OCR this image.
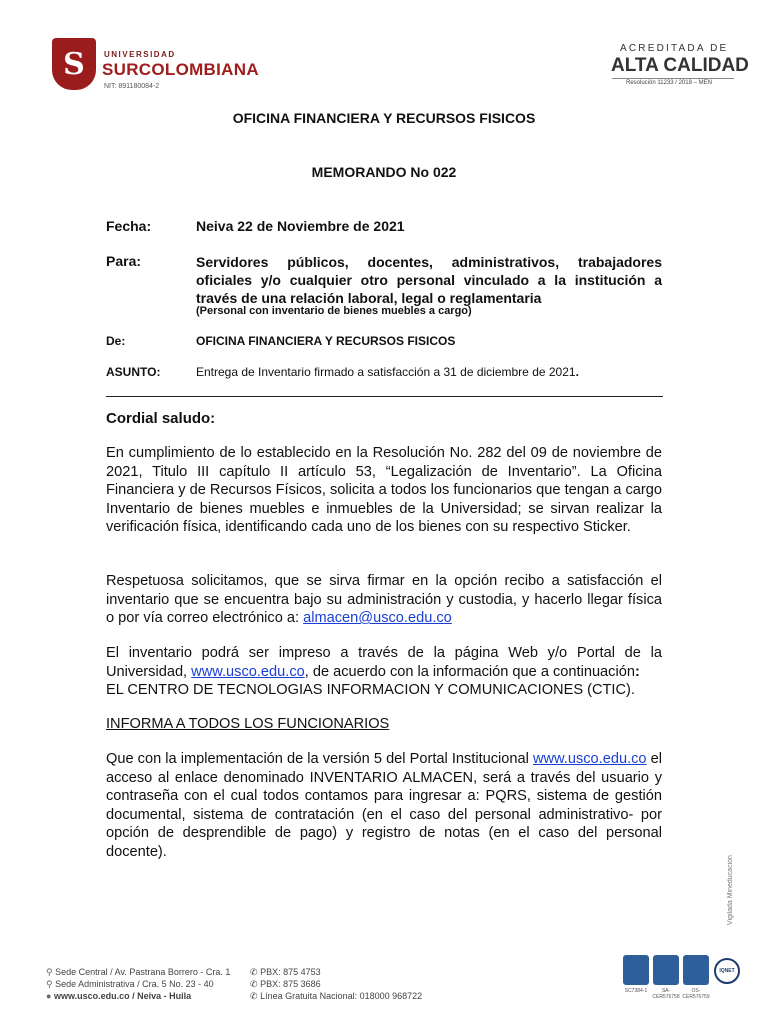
S	UNIVERSIDAD
SURCOLOMBIANA
NIT: 891180084-2
ACREDITADA DE
ALTA CALIDAD
Resolución 11233 / 2018 – MEN
OFICINA FINANCIERA Y RECURSOS FISICOS
MEMORANDO No 022
Fecha:	Neiva 22 de Noviembre de 2021
Para:	Servidores públicos, docentes, administrativos, trabajadores oficiales y/o cualquier otro personal vinculado a la institución a través de una relación laboral, legal o reglamentaria
(Personal con inventario de bienes muebles a cargo)
De:	OFICINA FINANCIERA Y RECURSOS FISICOS
ASUNTO:	Entrega de Inventario firmado a satisfacción a 31 de diciembre de 2021.
Cordial saludo:
En cumplimiento de lo establecido en la Resolución No. 282 del 09 de noviembre de 2021, Titulo III capítulo II artículo 53, “Legalización de Inventario”. La Oficina Financiera y de Recursos Físicos, solicita a todos los funcionarios que tengan a cargo Inventario de bienes muebles e inmuebles de la Universidad; se sirvan realizar la verificación física, identificando cada uno de los bienes con su respectivo Sticker.
Respetuosa solicitamos, que se sirva firmar en la opción recibo a satisfacción el inventario que se encuentra bajo su administración y custodia, y hacerlo llegar física o por vía correo electrónico a: almacen@usco.edu.co
El inventario podrá ser impreso a través de la página Web y/o Portal de la Universidad, www.usco.edu.co, de acuerdo con la información que a continuación:
EL CENTRO DE TECNOLOGIAS INFORMACION Y COMUNICACIONES (CTIC).
INFORMA A TODOS LOS FUNCIONARIOS
Que con la implementación de la versión 5 del Portal Institucional www.usco.edu.co el acceso al enlace denominado INVENTARIO ALMACEN, será a través del usuario y contraseña con el cual todos contamos para ingresar a: PQRS, sistema de gestión documental, sistema de contratación (en el caso del personal administrativo- por opción de desprendible de pago) y registro de notas (en el caso del personal docente).
Vigilada Mineducación
⚲ Sede Central / Av. Pastrana Borrero - Cra. 1
⚲ Sede Administrativa / Cra. 5 No. 23 - 40
● www.usco.edu.co / Neiva - Huila
✆ PBX: 875 4753
✆ PBX: 875 3686
✆ Línea Gratuita Nacional: 018000 968722	SC7384-1	SA-CER576758
OS-CER576759
IQNET
